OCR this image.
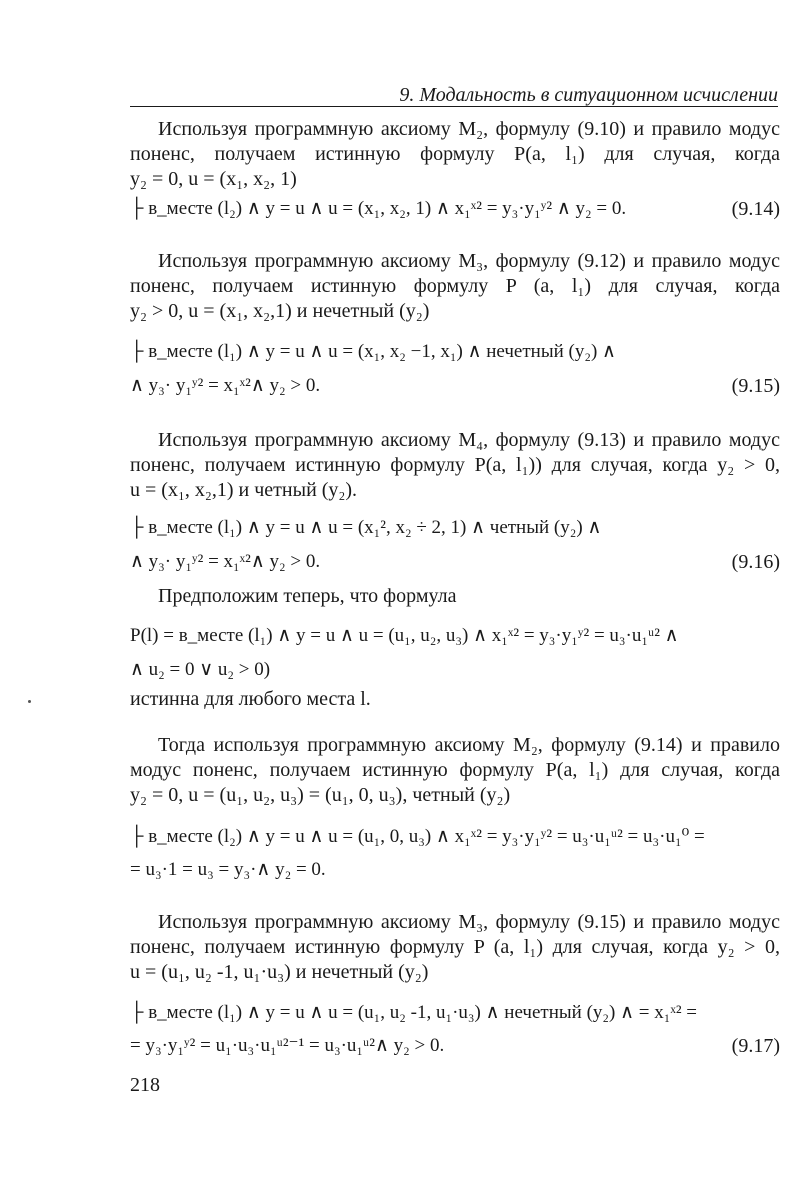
9. Модальность в ситуационном исчислении
Используя программную аксиому M₂, формулу (9.10) и правило модус
поненс, получаем истинную формулу P(a, l₁) для случая, когда
y₂ = 0, u = (x₁, x₂, 1)
├ в_месте (l₂) ∧ y = u ∧ u = (x₁, x₂, 1) ∧ x₁ˣ² = y₃·y₁ʸ² ∧ y₂ = 0.	(9.14)
Используя программную аксиому M₃, формулу (9.12) и правило модус
поненс, получаем истинную формулу P (a, l₁) для случая, когда
y₂ > 0, u = (x₁, x₂,1) и нечетный (y₂)
├ в_месте (l₁) ∧ y = u ∧ u = (x₁, x₂ −1, x₁) ∧ нечетный (y₂) ∧
∧ y₃· y₁ʸ² = x₁ˣ²∧ y₂ > 0.	(9.15)
Используя программную аксиому M₄, формулу (9.13) и правило модус
поненс, получаем истинную формулу P(a, l₁)) для случая, когда y₂ > 0,
u = (x₁, x₂,1) и четный (y₂).
├ в_месте (l₁) ∧ y = u ∧ u = (x₁², x₂ ÷ 2, 1) ∧ четный (y₂) ∧
∧ y₃· y₁ʸ² = x₁ˣ²∧ y₂ > 0.	(9.16)
Предположим теперь, что формула
P(l) = в_месте (l₁) ∧ y = u ∧ u = (u₁, u₂, u₃) ∧ x₁ˣ² = y₃·y₁ʸ² = u₃·u₁ᵘ² ∧
∧ u₂ = 0 ∨ u₂ > 0)
истинна для любого места l.
Тогда используя программную аксиому M₂, формулу (9.14) и правило
модус поненс, получаем истинную формулу P(a, l₁) для случая, когда
y₂ = 0, u = (u₁, u₂, u₃) = (u₁, 0, u₃), четный (y₂)
├ в_месте (l₂) ∧ y = u ∧ u = (u₁, 0, u₃) ∧ x₁ˣ² = y₃·y₁ʸ² = u₃·u₁ᵘ² = u₃·u₁⁰ =
= u₃·1 = u₃ = y₃·∧ y₂ = 0.
Используя программную аксиому M₃, формулу (9.15) и правило модус
поненс, получаем истинную формулу P (a, l₁) для случая, когда y₂ > 0,
u = (u₁, u₂ -1, u₁·u₃) и нечетный (y₂)
├ в_месте (l₁) ∧ y = u ∧ u = (u₁, u₂ -1, u₁·u₃) ∧ нечетный (y₂) ∧ = x₁ˣ² =
= y₃·y₁ʸ² = u₁·u₃·u₁ᵘ²⁻¹ = u₃·u₁ᵘ²∧ y₂ > 0.	(9.17)
218
